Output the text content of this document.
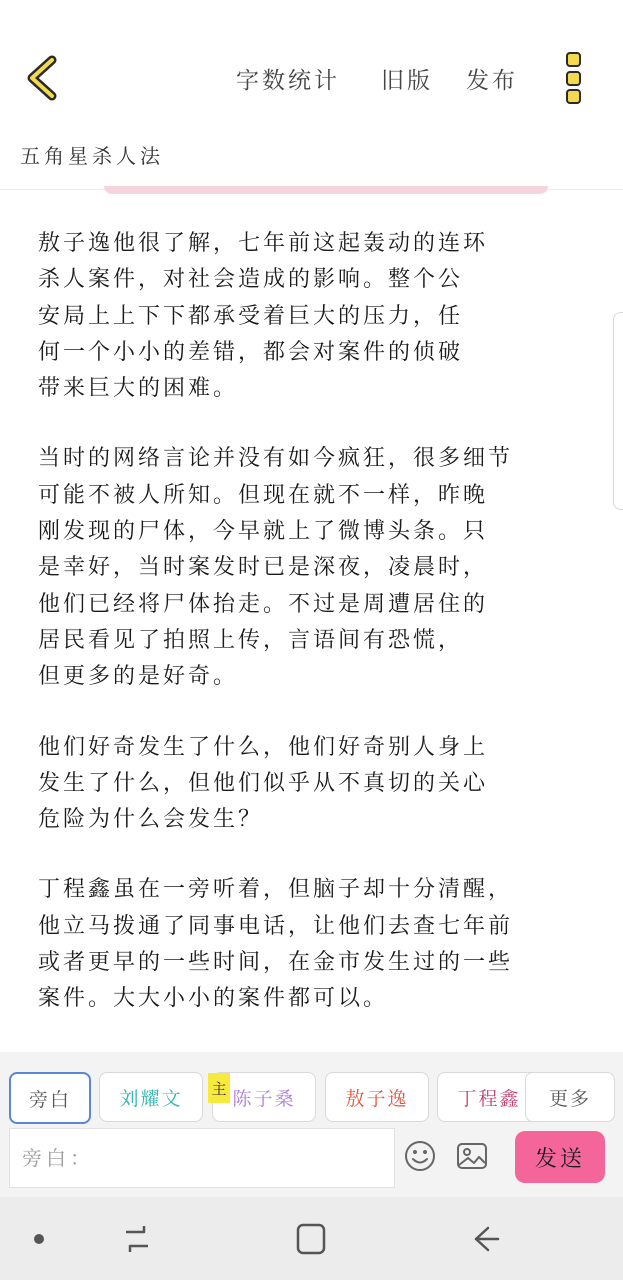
字数统计 旧版 发布
五角星杀人法

敖子逸他很了解，七年前这起轰动的连环
杀人案件，对社会造成的影响。整个公
安局上上下下都承受着巨大的压力，任
何一个小小的差错，都会对案件的侦破
带来巨大的困难。

当时的网络言论并没有如今疯狂，很多细节
可能不被人所知。但现在就不一样，昨晚
刚发现的尸体，今早就上了微博头条。只
是幸好，当时案发时已是深夜，凌晨时，
他们已经将尸体抬走。不过是周遭居住的
居民看见了拍照上传，言语间有恐慌，
但更多的是好奇。

他们好奇发生了什么，他们好奇别人身上
发生了什么，但他们似乎从不真切的关心
危险为什么会发生？

丁程鑫虽在一旁听着，但脑子却十分清醒，
他立马拨通了同事电话，让他们去查七年前
或者更早的一些时间，在金市发生过的一些
案件。大大小小的案件都可以。

旁白	刘耀文	陈子桑	敖子逸	丁程鑫 更多
主
旁白：
发送
